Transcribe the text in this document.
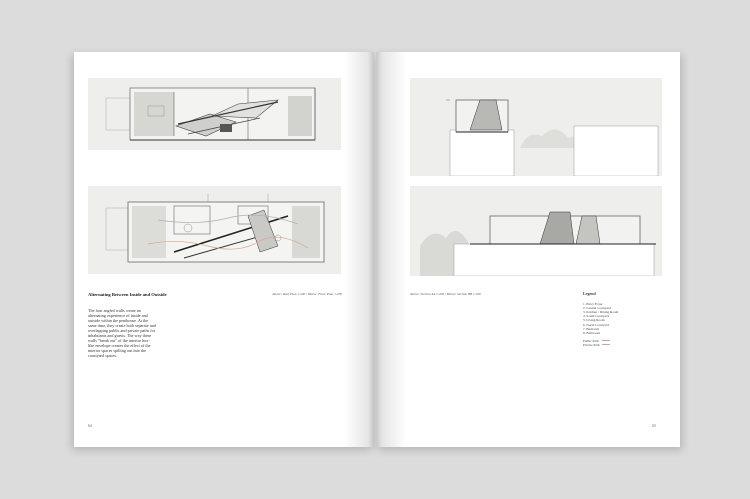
Alternating Between Inside and Outside	Above: Roof Plan 1:200 | Below: Floor Plan 1:200
The four angled walls create an alternating experience of inside and outside within the penthouse. At the same time, they create both separate and overlapping public and private paths for inhabitants and guests. The way these walls "break out" of the interior box-like envelope creates the effect of the interior spaces spilling out into the courtyard spaces.
64
Above: Section AA 1:200 | Below: Section BB 1:200	Legend
1. Entry Foyer
2. Central Courtyard
3. Kitchen / Dining Room
4. South Courtyard
5. Living Room
6. North Courtyard
7. Bedroom
8. Bathroom
Public Path
Private Path
65
